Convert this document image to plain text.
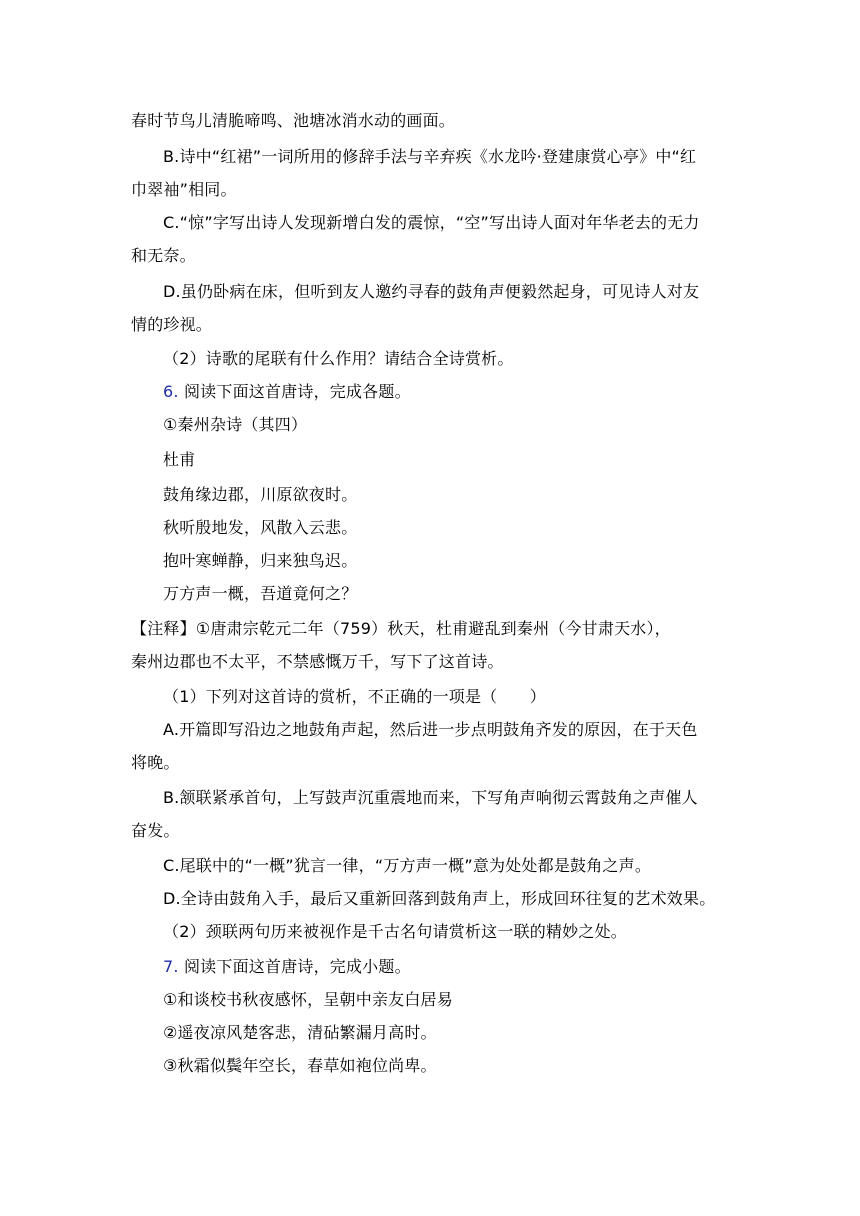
春时节鸟儿清脆啼鸣、池塘冰消水动的画面。
B.诗中“红裙”一词所用的修辞手法与辛弃疾《水龙吟·登建康赏心亭》中“红
巾翠袖”相同。
C.“惊”字写出诗人发现新增白发的震惊，“空”写出诗人面对年华老去的无力
和无奈。
D.虽仍卧病在床，但听到友人邀约寻春的鼓角声便毅然起身，可见诗人对友
情的珍视。
（2）诗歌的尾联有什么作用？请结合全诗赏析。
6. 阅读下面这首唐诗，完成各题。
①秦州杂诗（其四）
杜甫
鼓角缘边郡，川原欲夜时。
秋听殷地发，风散入云悲。
抱叶寒蝉静，归来独鸟迟。
万方声一概，吾道竟何之？
【注释】①唐肃宗乾元二年（759）秋天，杜甫避乱到秦州（今甘肃天水），
秦州边郡也不太平，不禁感慨万千，写下了这首诗。
（1）下列对这首诗的赏析，不正确的一项是（　　）
A.开篇即写沿边之地鼓角声起，然后进一步点明鼓角齐发的原因，在于天色
将晚。
B.颔联紧承首句，上写鼓声沉重震地而来，下写角声响彻云霄鼓角之声催人
奋发。
C.尾联中的“一概”犹言一律，“万方声一概”意为处处都是鼓角之声。
D.全诗由鼓角入手，最后又重新回落到鼓角声上，形成回环往复的艺术效果。
（2）颈联两句历来被视作是千古名句请赏析这一联的精妙之处。
7. 阅读下面这首唐诗，完成小题。
①和谈校书秋夜感怀，呈朝中亲友白居易
②遥夜凉风楚客悲，清砧繁漏月高时。
③秋霜似鬓年空长，春草如袍位尚卑。
